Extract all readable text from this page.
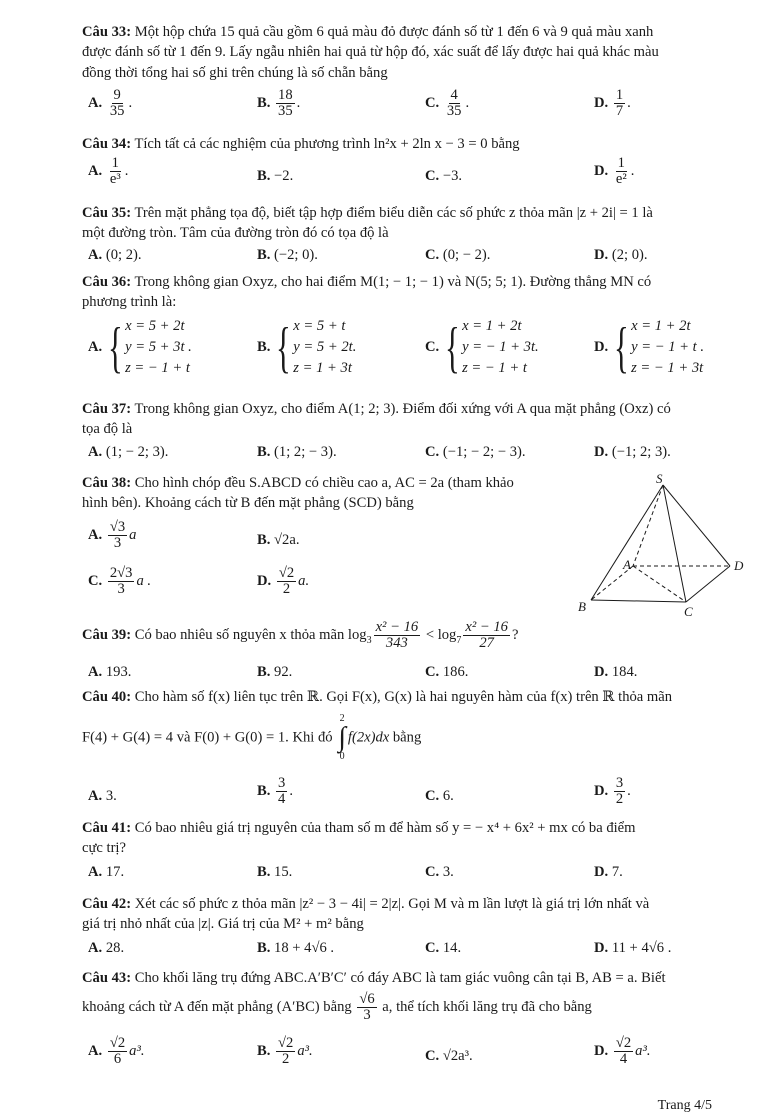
Câu 33: Một hộp chứa 15 quả cầu gồm 6 quả màu đỏ được đánh số từ 1 đến 6 và 9 quả màu xanh
được đánh số từ 1 đến 9. Lấy ngẫu nhiên hai quả từ hộp đó, xác suất để lấy được hai quả khác màu
đồng thời tổng hai số ghi trên chúng là số chẵn bằng
A. $\frac{9}{35}$ .	B. $\frac{18}{35}$ .	C. $\frac{4}{35}$ .	D. $\frac{1}{7}$ .
Câu 34: Tích tất cả các nghiệm của phương trình ln²x + 2ln x − 3 = 0 bằng
A. $\frac{1}{\text{e³}}$ .	B. −2.	C. −3.	D. $\frac{1}{\text{e²}}$ .
Câu 35: Trên mặt phẳng tọa độ, biết tập hợp điểm biểu diễn các số phức z thỏa mãn |z + 2i| = 1 là
một đường tròn. Tâm của đường tròn đó có tọa độ là
A. (0; 2).	B. (−2; 0).	C. (0; − 2).	D. (2; 0).
Câu 36: Trong không gian Oxyz, cho hai điểm M(1; − 1; − 1) và N(5; 5; 1). Đường thẳng MN có
phương trình là:
A. { x = 5 + 2t
y = 5 + 3t .
z = − 1 + t
B. { x = 5 + t
y = 5 + 2t.
z = 1 + 3t
C. { x = 1 + 2t
y = − 1 + 3t.
z = − 1 + t
D. { x = 1 + 2t
y = − 1 + t .
z = − 1 + 3t
Câu 37: Trong không gian Oxyz, cho điểm A(1; 2; 3). Điểm đối xứng với A qua mặt phẳng (Oxz) có
tọa độ là
A. (1; − 2; 3).	B. (1; 2; − 3).	C. (−1; − 2; − 3).	D. (−1; 2; 3).
Câu 38: Cho hình chóp đều S.ABCD có chiều cao a, AC = 2a (tham khảo
hình bên). Khoảng cách từ B đến mặt phẳng (SCD) bằng
A. $\frac{√3}{3}$ a	B. √2a.
C. $\frac{2√3}{3}$ a .	D. $\frac{√2}{2} a$.
S
A
B	C
D
Câu 39: Có bao nhiêu số nguyên x thỏa mãn $\log_3 \frac{\text{x² − 16}}{343} < \log_7 \frac{\text{x² − 16}}{27}$ ?
A. 193.	B. 92.	C. 186.	D. 184.
Câu 40: Cho hàm số f(x) liên tục trên ℝ. Gọi F(x), G(x) là hai nguyên hàm của f(x) trên ℝ thỏa mãn
F(4) + G(4) = 4 và F(0) + G(0) = 1. Khi đó
2
∫
0
f(2x)dx bằng
A. 3.	B. $\frac{3}{4}$ .	C. 6.	D. $\frac{3}{2}$ .
Câu 41: Có bao nhiêu giá trị nguyên của tham số m để hàm số y = − x⁴ + 6x² + mx có ba điểm
cực trị?
A. 17.	B. 15.	C. 3.	D. 7.
Câu 42: Xét các số phức z thỏa mãn |z² − 3 − 4i| = 2|z|. Gọi M và m lần lượt là giá trị lớn nhất và
giá trị nhỏ nhất của |z|. Giá trị của M² + m² bằng
A. 28.	B. 18 + 4√6 .	C. 14.	D. 11 + 4√6 .
Câu 43: Cho khối lăng trụ đứng ABC.A′B′C′ có đáy ABC là tam giác vuông cân tại B, AB = a. Biết
khoảng cách từ A đến mặt phẳng (A′BC) bằng $\frac{√6}{3} a$, thể tích khối lăng trụ đã cho bằng
A. $\frac{√2}{6} a^3$.	B. $\frac{√2}{2} a^3$.	C. √2a³.	D. $\frac{√2}{4} a^3$.
Trang 4/5
